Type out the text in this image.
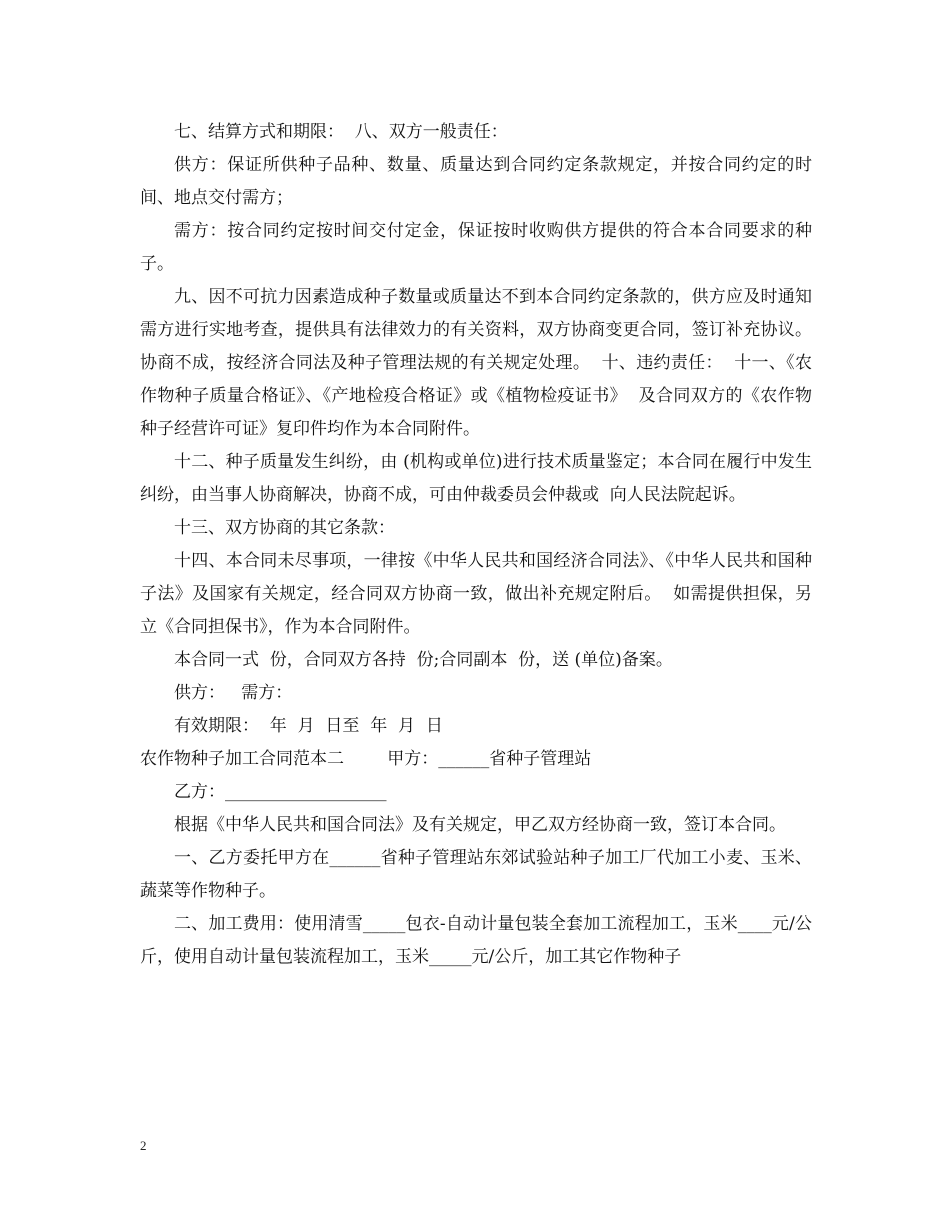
七、结算方式和期限：  八、双方一般责任：

供方：保证所供种子品种、数量、质量达到合同约定条款规定，并按合同约定的时间、地点交付需方；

需方：按合同约定按时间交付定金，保证按时收购供方提供的符合本合同要求的种子。

九、因不可抗力因素造成种子数量或质量达不到本合同约定条款的，供方应及时通知需方进行实地考查，提供具有法律效力的有关资料，双方协商变更合同，签订补充协议。协商不成，按经济合同法及种子管理法规的有关规定处理。  十、违约责任：  十一、《农作物种子质量合格证》、《产地检疫合格证》或《植物检疫证书》  及合同双方的《农作物种子经营许可证》复印件均作为本合同附件。

十二、种子质量发生纠纷，由 (机构或单位)进行技术质量鉴定；本合同在履行中发生纠纷，由当事人协商解决，协商不成，可由仲裁委员会仲裁或  向人民法院起诉。

十三、双方协商的其它条款：

十四、本合同未尽事项，一律按《中华人民共和国经济合同法》、《中华人民共和国种子法》及国家有关规定，经合同双方协商一致，做出补充规定附后。  如需提供担保，另立《合同担保书》，作为本合同附件。

本合同一式  份，合同双方各持  份;合同副本  份，送 (单位)备案。

供方：   需方：

有效期限：  年  月  日至  年  月  日

农作物种子加工合同范本二        甲方：______省种子管理站

乙方：___________________

根据《中华人民共和国合同法》及有关规定，甲乙双方经协商一致，签订本合同。

一、乙方委托甲方在______省种子管理站东郊试验站种子加工厂代加工小麦、玉米、蔬菜等作物种子。

二、加工费用：使用清雪_____包衣-自动计量包装全套加工流程加工，玉米____元/公斤，使用自动计量包装流程加工，玉米_____元/公斤，加工其它作物种子

2
